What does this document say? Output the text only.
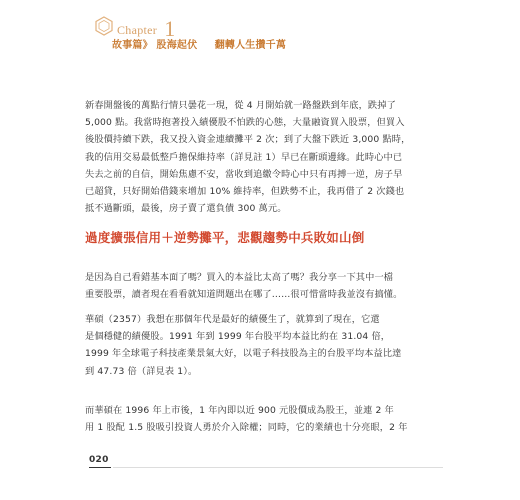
Chapter 1
故事篇》 股海起伏 翻轉人生攢千萬
新春開盤後的萬點行情只曇花一現，從 4 月開始就一路盤跌到年底，跌掉了
5,000 點。我當時抱著投入績優股不怕跌的心態，大量融資買入股票，但買入
後股價持續下跌，我又投入資金連續攤平 2 次；到了大盤下跌近 3,000 點時，
我的信用交易最低整戶擔保維持率（詳見註 1）早已在斷頭邊緣。此時心中已
失去之前的自信，開始焦慮不安，當收到追繳令時心中只有再搏一逆，房子早
已超貸，只好開始借錢來增加 10% 維持率，但跌勢不止，我再借了 2 次錢也
抵不過斷頭，最後，房子賣了還負債 300 萬元。
過度擴張信用＋逆勢攤平，悲觀趨勢中兵敗如山倒
是因為自己看錯基本面了嗎？買入的本益比太高了嗎？我分享一下其中一檔
重要股票，讀者現在看看就知道問題出在哪了……很可惜當時我並沒有搞懂。
華碩（2357）我想在那個年代是最好的績優生了，就算到了現在，它還
是個穩健的績優股。1991 年到 1999 年台股平均本益比約在 31.04 倍，
1999 年全球電子科技產業景氣大好，以電子科技股為主的台股平均本益比達
到 47.73 倍（詳見表 1）。
而華碩在 1996 年上市後，1 年內即以近 900 元股價成為股王，並連 2 年
用 1 股配 1.5 股吸引投資人勇於介入除權；同時，它的業績也十分亮眼，2 年
020
